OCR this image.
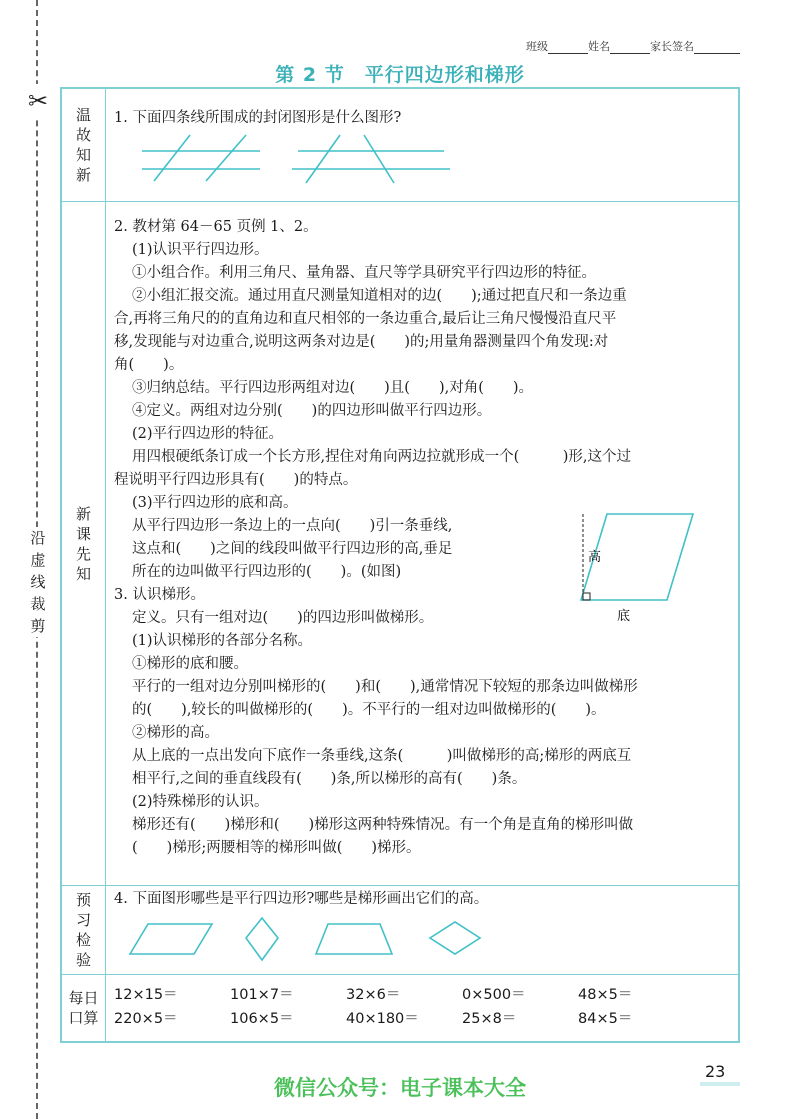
✂
沿
虚
线
裁
剪
班级	姓名	家长签名
第 2 节　平行四边形和梯形
温
故
知
新

1. 下面四条线所围成的封闭图形是什么图形?

新
课
先
知

2. 教材第 64－65 页例 1、2。

(1)认识平行四边形。

①小组合作。利用三角尺、量角器、直尺等学具研究平行四边形的特征。

②小组汇报交流。通过用直尺测量知道相对的边(　　);通过把直尺和一条边重

合,再将三角尺的的直角边和直尺相邻的一条边重合,最后让三角尺慢慢沿直尺平

移,发现能与对边重合,说明这两条对边是(　　)的;用量角器测量四个角发现:对

角(　　)。

③归纳总结。平行四边形两组对边(　　)且(　　),对角(　　)。

④定义。两组对边分别(　　)的四边形叫做平行四边形。

(2)平行四边形的特征。

用四根硬纸条订成一个长方形,捏住对角向两边拉就形成一个(　　　)形,这个过

程说明平行四边形具有(　　)的特点。

(3)平行四边形的底和高。

从平行四边形一条边上的一点向(　　)引一条垂线,

这点和(　　)之间的线段叫做平行四边形的高,垂足

所在的边叫做平行四边形的(　　)。(如图)

3. 认识梯形。

定义。只有一组对边(　　)的四边形叫做梯形。

(1)认识梯形的各部分名称。

①梯形的底和腰。

平行的一组对边分别叫梯形的(　　)和(　　),通常情况下较短的那条边叫做梯形

的(　　),较长的叫做梯形的(　　)。不平行的一组对边叫做梯形的(　　)。

②梯形的高。

从上底的一点出发向下底作一条垂线,这条(　　　)叫做梯形的高;梯形的两底互

相平行,之间的垂直线段有(　　)条,所以梯形的高有(　　)条。

(2)特殊梯形的认识。

梯形还有(　　)梯形和(　　)梯形这两种特殊情况。有一个角是直角的梯形叫做

(　　)梯形;两腰相等的梯形叫做(　　)梯形。

高
底
预
习
检
验

4. 下面图形哪些是平行四边形?哪些是梯形画出它们的高。

每日
口算
12×15＝	101×7＝	32×6＝	0×500＝	48×5＝
220×5＝	106×5＝	40×180＝	25×8＝	84×5＝
23
微信公众号：电子课本大全
